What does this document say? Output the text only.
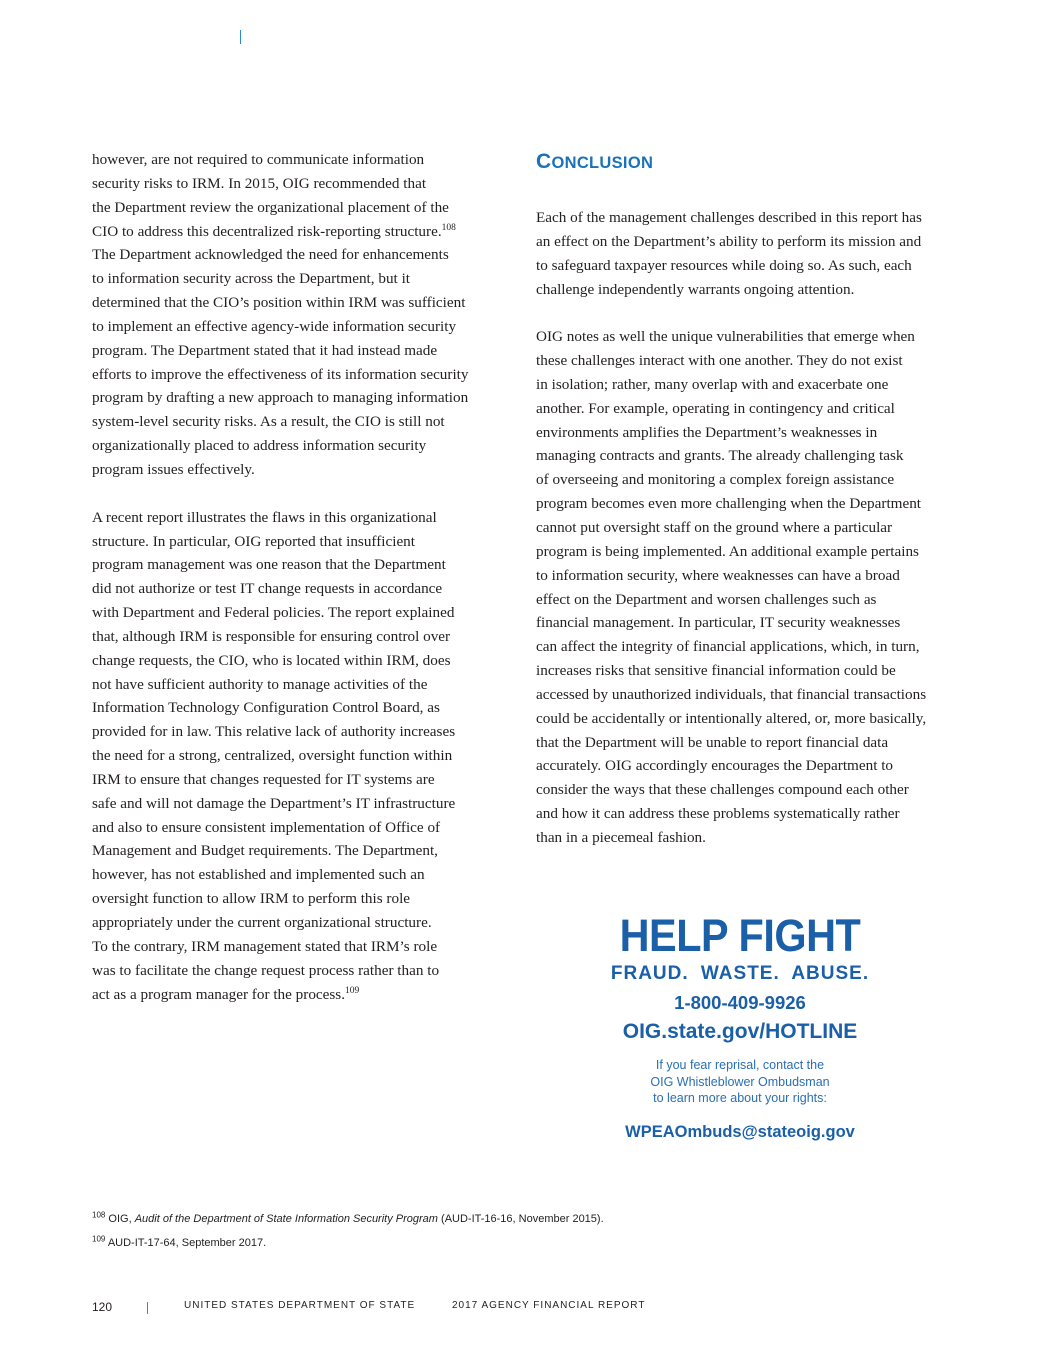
however, are not required to communicate information
security risks to IRM. In 2015, OIG recommended that
the Department review the organizational placement of the
CIO to address this decentralized risk-reporting structure.$^{108}$
The Department acknowledged the need for enhancements
to information security across the Department, but it
determined that the CIO’s position within IRM was sufficient
to implement an effective agency-wide information security
program. The Department stated that it had instead made
efforts to improve the effectiveness of its information security
program by drafting a new approach to managing information
system-level security risks. As a result, the CIO is still not
organizationally placed to address information security
program issues effectively.

A recent report illustrates the flaws in this organizational
structure. In particular, OIG reported that insufficient
program management was one reason that the Department
did not authorize or test IT change requests in accordance
with Department and Federal policies. The report explained
that, although IRM is responsible for ensuring control over
change requests, the CIO, who is located within IRM, does
not have sufficient authority to manage activities of the
Information Technology Configuration Control Board, as
provided for in law. This relative lack of authority increases
the need for a strong, centralized, oversight function within
IRM to ensure that changes requested for IT systems are
safe and will not damage the Department’s IT infrastructure
and also to ensure consistent implementation of Office of
Management and Budget requirements. The Department,
however, has not established and implemented such an
oversight function to allow IRM to perform this role
appropriately under the current organizational structure.
To the contrary, IRM management stated that IRM’s role
was to facilitate the change request process rather than to
act as a program manager for the process.$^{109}$

CONCLUSION

Each of the management challenges described in this report has
an effect on the Department’s ability to perform its mission and
to safeguard taxpayer resources while doing so. As such, each
challenge independently warrants ongoing attention.

OIG notes as well the unique vulnerabilities that emerge when
these challenges interact with one another. They do not exist
in isolation; rather, many overlap with and exacerbate one
another. For example, operating in contingency and critical
environments amplifies the Department’s weaknesses in
managing contracts and grants. The already challenging task
of overseeing and monitoring a complex foreign assistance
program becomes even more challenging when the Department
cannot put oversight staff on the ground where a particular
program is being implemented. An additional example pertains
to information security, where weaknesses can have a broad
effect on the Department and worsen challenges such as
financial management. In particular, IT security weaknesses
can affect the integrity of financial applications, which, in turn,
increases risks that sensitive financial information could be
accessed by unauthorized individuals, that financial transactions
could be accidentally or intentionally altered, or, more basically,
that the Department will be unable to report financial data
accurately. OIG accordingly encourages the Department to
consider the ways that these challenges compound each other
and how it can address these problems systematically rather
than in a piecemeal fashion.

HELP FIGHT
FRAUD. WASTE. ABUSE.
1-800-409-9926
OIG.state.gov/HOTLINE
If you fear reprisal, contact the
OIG Whistleblower Ombudsman
to learn more about your rights:
WPEAOmbuds@stateoig.gov
$^{108}$ OIG, Audit of the Department of State Information Security Program (AUD-IT-16-16, November 2015).
$^{109}$ AUD-IT-17-64, September 2017.
120	UNITED STATES DEPARTMENT OF STATE	2017 AGENCY FINANCIAL REPORT
